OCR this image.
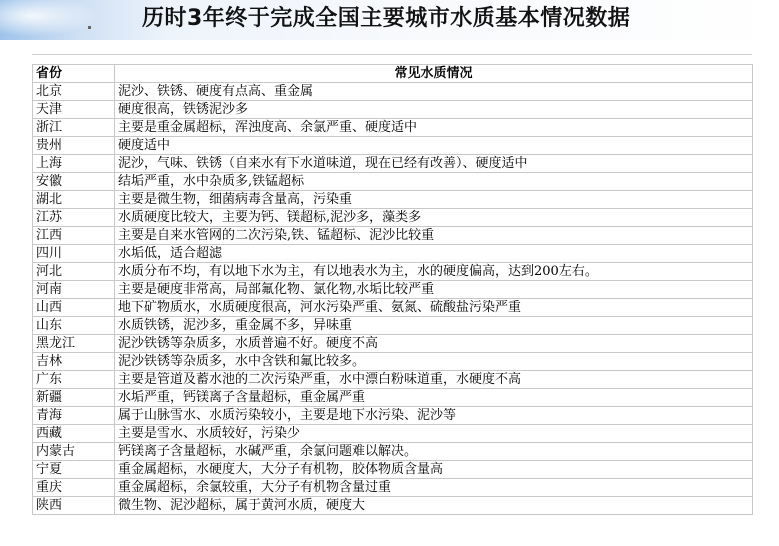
历时3年终于完成全国主要城市水质基本情况数据
省份	常见水质情况
北京	泥沙、铁锈、硬度有点高、重金属
天津	硬度很高，铁锈泥沙多
浙江	主要是重金属超标，浑浊度高、余氯严重、硬度适中
贵州	硬度适中
上海	泥沙，气味、铁锈（自来水有下水道味道，现在已经有改善）、硬度适中
安徽	结垢严重，水中杂质多,铁锰超标
湖北	主要是微生物，细菌病毒含量高，污染重
江苏	水质硬度比较大，主要为钙、镁超标,泥沙多，藻类多
江西	主要是自来水管网的二次污染,铁、锰超标、泥沙比较重
四川	水垢低，适合超滤
河北	水质分布不均，有以地下水为主，有以地表水为主，水的硬度偏高，达到200左右。
河南	主要是硬度非常高，局部氟化物、氯化物,水垢比较严重
山西	地下矿物质水，水质硬度很高，河水污染严重、氨氮、硫酸盐污染严重
山东	水质铁锈，泥沙多，重金属不多，异味重
黑龙江	泥沙铁锈等杂质多，水质普遍不好。硬度不高
吉林	泥沙铁锈等杂质多，水中含铁和氟比较多。
广东	主要是管道及蓄水池的二次污染严重，水中漂白粉味道重，水硬度不高
新疆	水垢严重，钙镁离子含量超标，重金属严重
青海	属于山脉雪水、水质污染较小，主要是地下水污染、泥沙等
西藏	主要是雪水、水质较好，污染少
内蒙古	钙镁离子含量超标，水碱严重，余氯问题难以解决。
宁夏	重金属超标，水硬度大，大分子有机物，胶体物质含量高
重庆	重金属超标，余氯较重，大分子有机物含量过重
陕西	微生物、泥沙超标，属于黄河水质，硬度大
